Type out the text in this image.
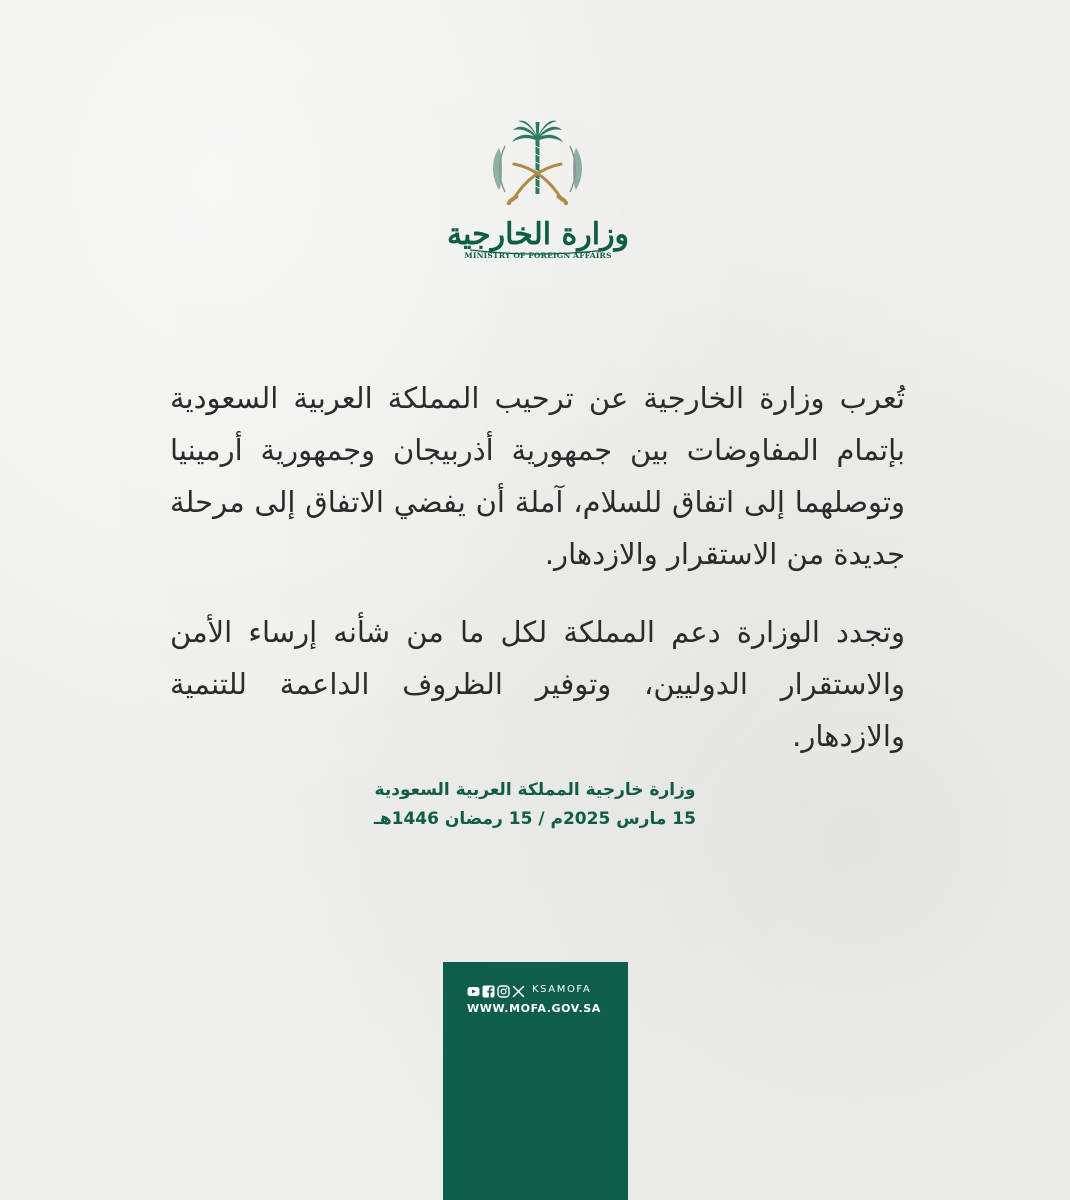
وزارة الخارجية
MINISTRY OF FOREIGN AFFAIRS
تُعرب وزارة الخارجية عن ترحيب المملكة العربية السعودية بإتمام المفاوضات بين جمهورية أذربيجان وجمهورية أرمينيا وتوصلهما إلى اتفاق للسلام، آملة أن يفضي الاتفاق إلى مرحلة جديدة من الاستقرار والازدهار.
وتجدد الوزارة دعم المملكة لكل ما من شأنه إرساء الأمن والاستقرار الدوليين، وتوفير الظروف الداعمة للتنمية والازدهار.
وزارة خارجية المملكة العربية السعودية
15 مارس 2025م / 15 رمضان 1446هـ
KSAMOFA
WWW.MOFA.GOV.SA
